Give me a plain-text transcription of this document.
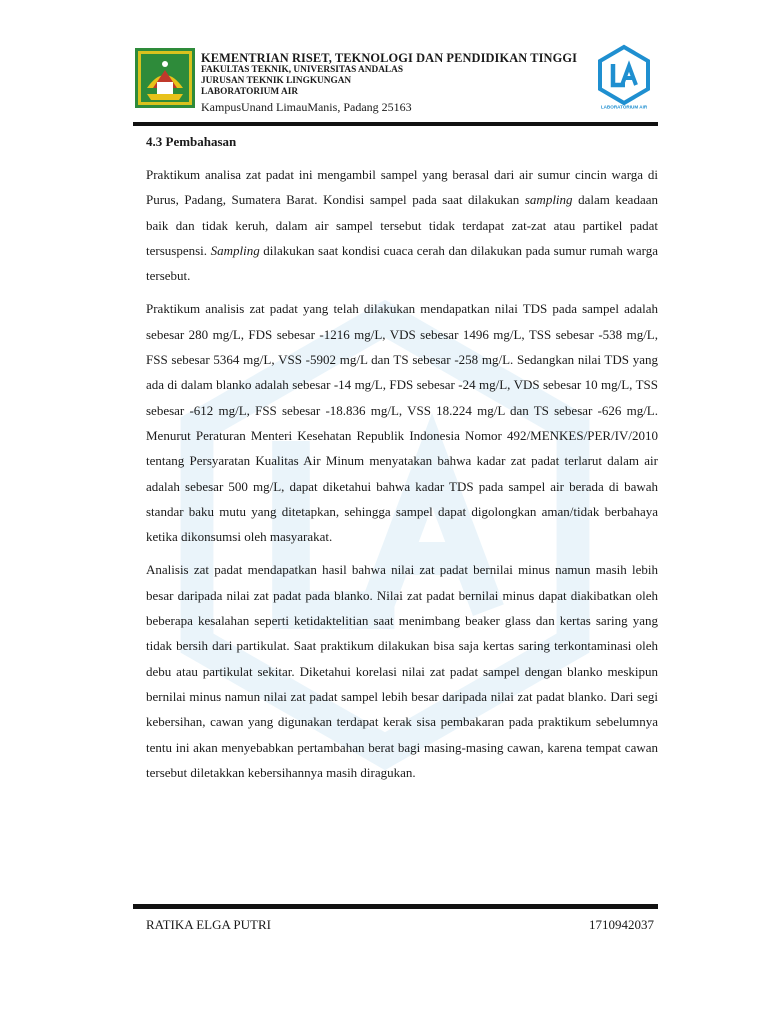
KEMENTRIAN RISET, TEKNOLOGI DAN PENDIDIKAN TINGGI
FAKULTAS TEKNIK, UNIVERSITAS ANDALAS
JURUSAN TEKNIK LINGKUNGAN
LABORATORIUM AIR
KampusUnand LimauManis, Padang 25163	LABORATORIUM AIR
4.3 Pembahasan

Praktikum analisa zat padat ini mengambil sampel yang berasal dari air sumur cincin warga di Purus, Padang, Sumatera Barat. Kondisi sampel pada saat dilakukan sampling dalam keadaan baik dan tidak keruh, dalam air sampel tersebut tidak terdapat zat-zat atau partikel padat tersuspensi. Sampling dilakukan saat kondisi cuaca cerah dan dilakukan pada sumur rumah warga tersebut.

Praktikum analisis zat padat yang telah dilakukan mendapatkan nilai TDS pada sampel adalah sebesar 280 mg/L, FDS sebesar -1216 mg/L, VDS sebesar 1496 mg/L, TSS sebesar -538 mg/L, FSS sebesar 5364 mg/L, VSS -5902 mg/L dan TS sebesar -258 mg/L. Sedangkan nilai TDS yang ada di dalam blanko adalah sebesar -14 mg/L, FDS sebesar -24 mg/L, VDS sebesar 10 mg/L, TSS sebesar -612 mg/L, FSS sebesar -18.836 mg/L, VSS 18.224 mg/L dan TS sebesar -626 mg/L. Menurut Peraturan Menteri Kesehatan Republik Indonesia Nomor 492/MENKES/PER/IV/2010 tentang Persyaratan Kualitas Air Minum menyatakan bahwa kadar zat padat terlarut dalam air adalah sebesar 500 mg/L, dapat diketahui bahwa kadar TDS pada sampel air berada di bawah standar baku mutu yang ditetapkan, sehingga sampel dapat digolongkan aman/tidak berbahaya ketika dikonsumsi oleh masyarakat.

Analisis zat padat mendapatkan hasil bahwa nilai zat padat bernilai minus namun masih lebih besar daripada nilai zat padat pada blanko. Nilai zat padat bernilai minus dapat diakibatkan oleh beberapa kesalahan seperti ketidaktelitian saat menimbang beaker glass dan kertas saring yang tidak bersih dari partikulat. Saat praktikum dilakukan bisa saja kertas saring terkontaminasi oleh debu atau partikulat sekitar. Diketahui korelasi nilai zat padat sampel dengan blanko meskipun bernilai minus namun nilai zat padat sampel lebih besar daripada nilai zat padat blanko. Dari segi kebersihan, cawan yang digunakan terdapat kerak sisa pembakaran pada praktikum sebelumnya tentu ini akan menyebabkan pertambahan berat bagi masing-masing cawan, karena tempat cawan tersebut diletakkan kebersihannya masih diragukan.

RATIKA ELGA PUTRI	1710942037
